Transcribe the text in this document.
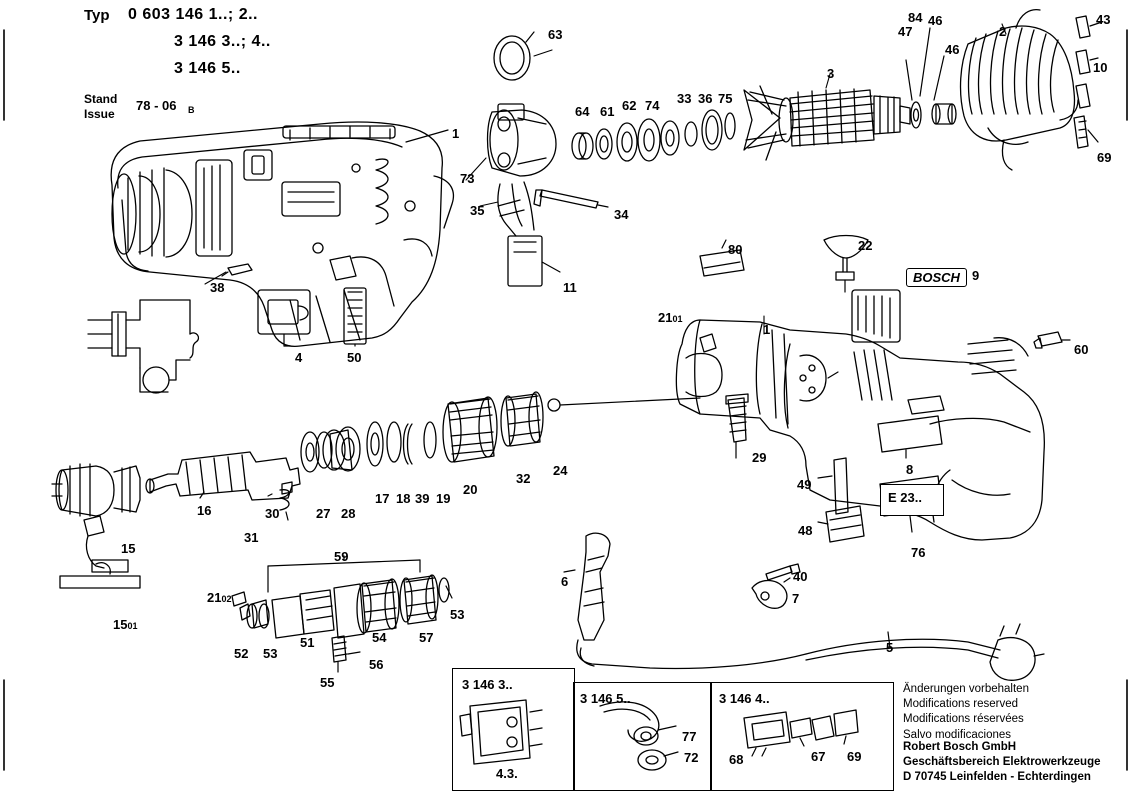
Typ 0 603 146 1..; 2..
3 146 3..; 4..
3 146 5..
Stand
Issue
78 - 06 B
BOSCH
E 23..
1
63
64 61 62 74 33 36 75
3
84 46
47
46
2
43
10
69
73
35	34
11
38
4	50
80	22
9
1
60
29
8
49
48
76
15
16	30
31
27 28
17 18 39 19
20
32
24
59
52 53
51	54	57
53
55
56
6	40
7
5
77
72 68	67 69
2101
2102
1501
3 146 3..
4.3.
3 146 5..	3 146 4..
Änderungen vorbehalten
Modifications reserved
Modifications réservées
Salvo modificaciones
Robert Bosch GmbH
Geschäftsbereich Elektrowerkzeuge
D 70745 Leinfelden - Echterdingen
